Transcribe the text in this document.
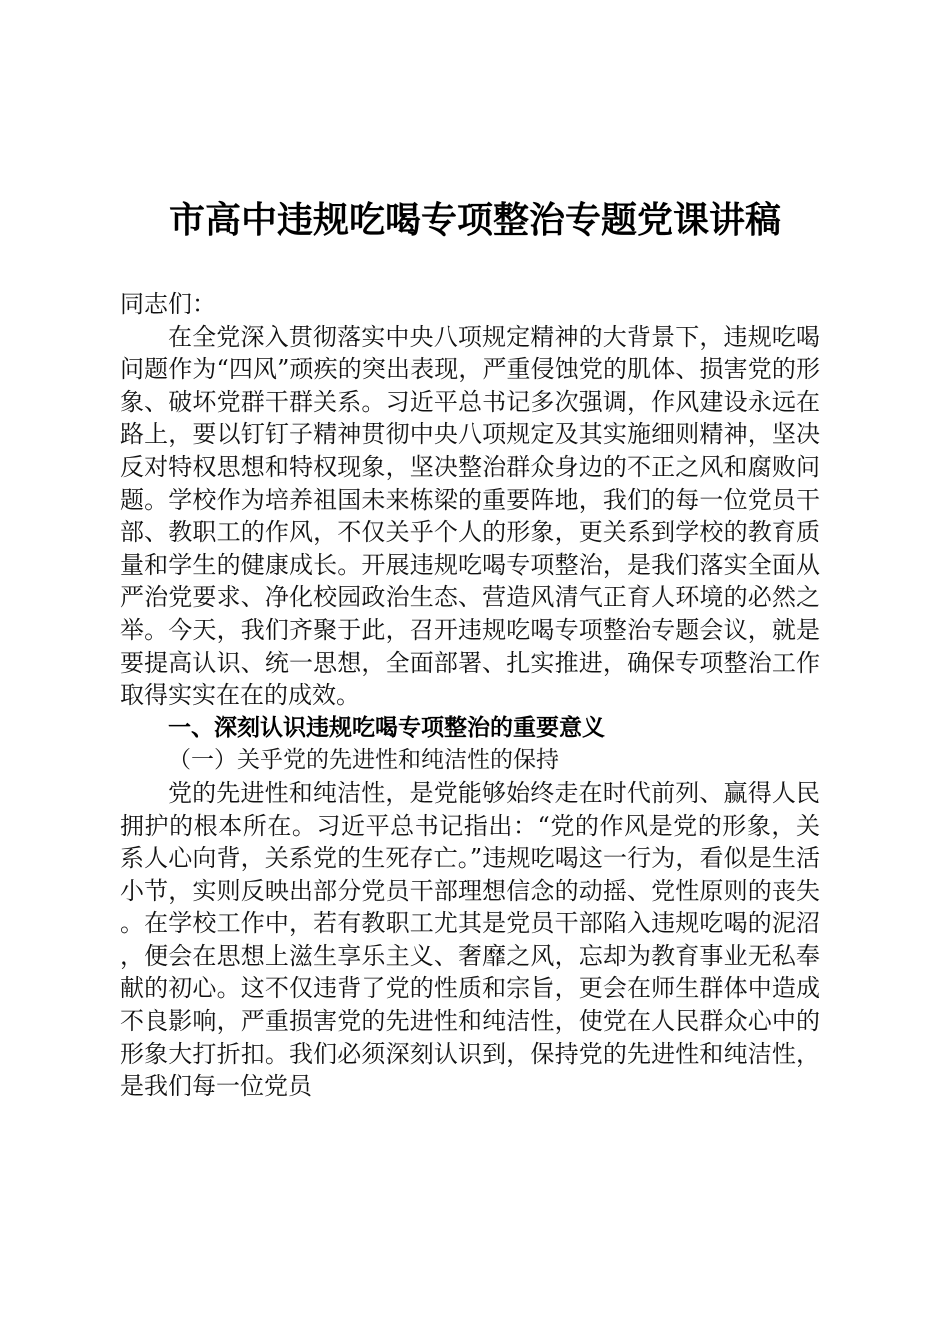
市高中违规吃喝专项整治专题党课讲稿

同志们：

在全党深入贯彻落实中央八项规定精神的大背景下，违规吃喝问题作为“四风”顽疾的突出表现，严重侵蚀党的肌体、损害党的形象、破坏党群干群关系。习近平总书记多次强调，作风建设永远在路上，要以钉钉子精神贯彻中央八项规定及其实施细则精神，坚决反对特权思想和特权现象，坚决整治群众身边的不正之风和腐败问题。学校作为培养祖国未来栋梁的重要阵地，我们的每一位党员干部、教职工的作风，不仅关乎个人的形象，更关系到学校的教育质量和学生的健康成长。开展违规吃喝专项整治，是我们落实全面从严治党要求、净化校园政治生态、营造风清气正育人环境的必然之举。今天，我们齐聚于此，召开违规吃喝专项整治专题会议，就是要提高认识、统一思想，全面部署、扎实推进，确保专项整治工作取得实实在在的成效。

一、深刻认识违规吃喝专项整治的重要意义

（一）关乎党的先进性和纯洁性的保持

党的先进性和纯洁性，是党能够始终走在时代前列、赢得人民拥护的根本所在。习近平总书记指出：“党的作风是党的形象，关系人心向背，关系党的生死存亡。”违规吃喝这一行为，看似是生活小节，实则反映出部分党员干部理想信念的动摇、党性原则的丧失。在学校工作中，若有教职工尤其是党员干部陷入违规吃喝的泥沼，便会在思想上滋生享乐主义、奢靡之风，忘却为教育事业无私奉献的初心。这不仅违背了党的性质和宗旨，更会在师生群体中造成不良影响，严重损害党的先进性和纯洁性，使党在人民群众心中的形象大打折扣。我们必须深刻认识到，保持党的先进性和纯洁性，是我们每一位党员
